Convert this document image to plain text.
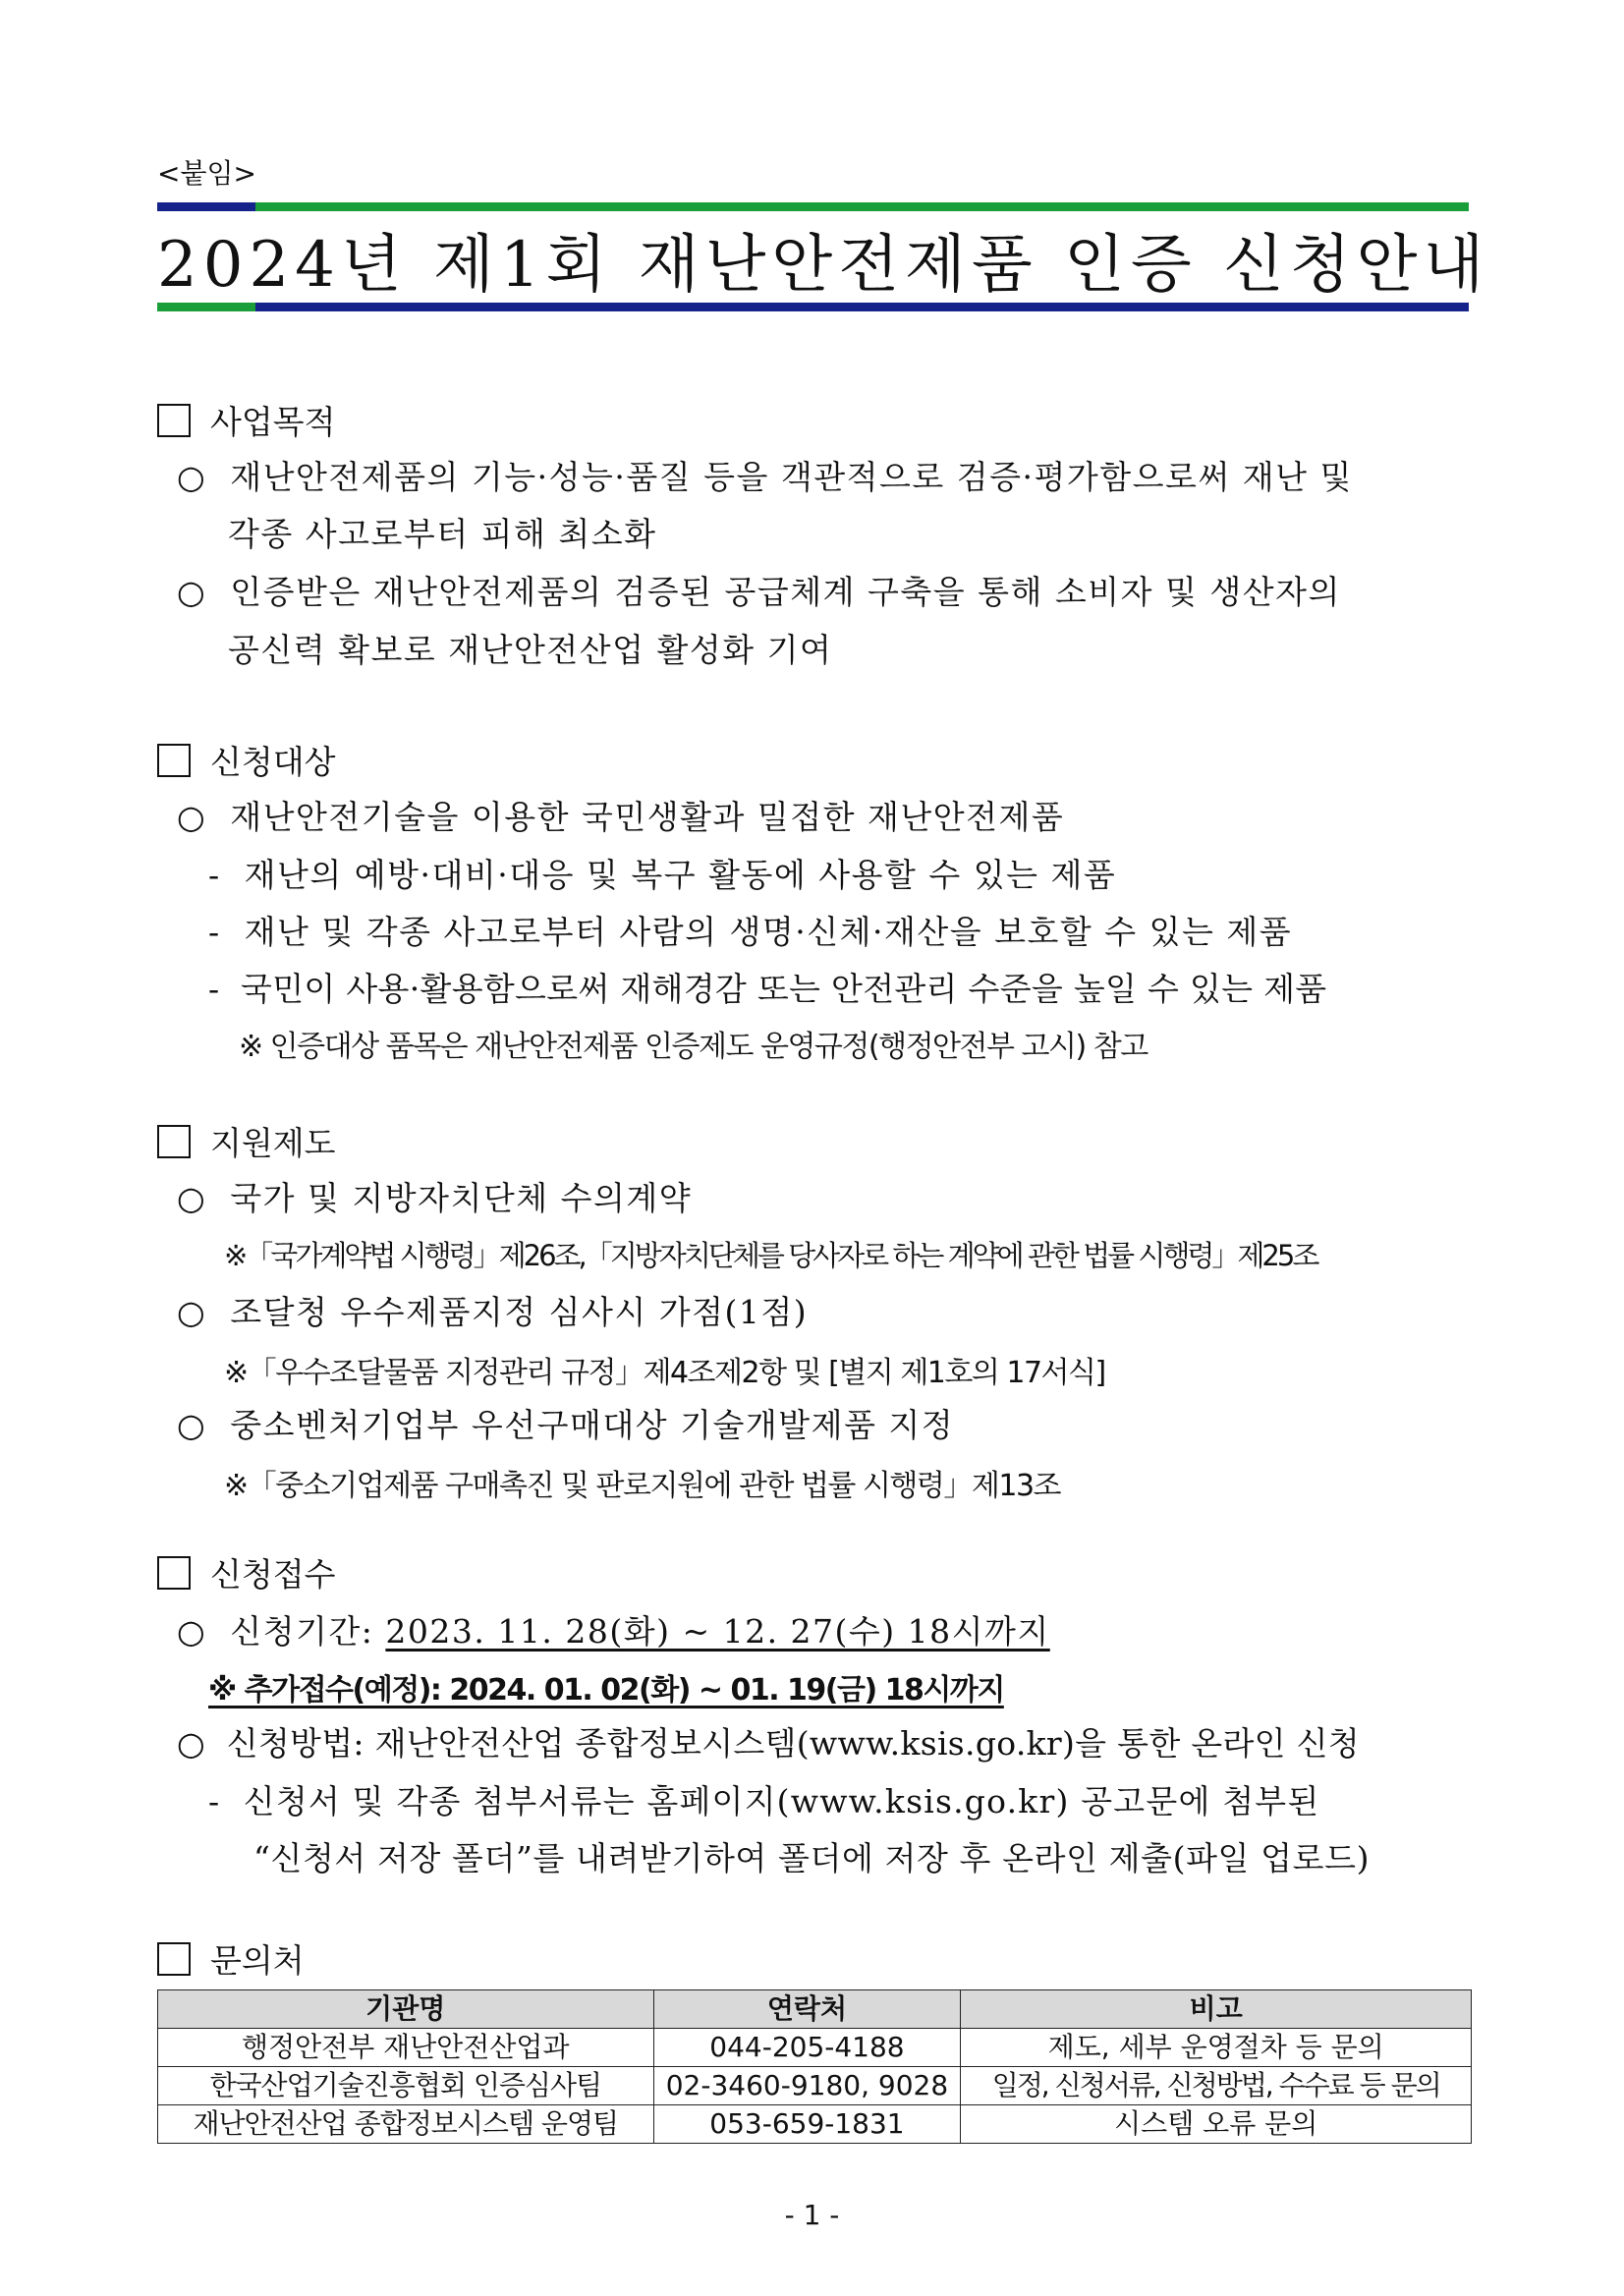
<붙임>
2024년 제1회 재난안전제품 인증 신청안내
사업목적
○ 재난안전제품의 기능·성능·품질 등을 객관적으로 검증·평가함으로써 재난 및
각종 사고로부터 피해 최소화
○ 인증받은 재난안전제품의 검증된 공급체계 구축을 통해 소비자 및 생산자의
공신력 확보로 재난안전산업 활성화 기여
신청대상
○ 재난안전기술을 이용한 국민생활과 밀접한 재난안전제품
- 재난의 예방·대비·대응 및 복구 활동에 사용할 수 있는 제품
- 재난 및 각종 사고로부터 사람의 생명·신체·재산을 보호할 수 있는 제품
- 국민이 사용·활용함으로써 재해경감 또는 안전관리 수준을 높일 수 있는 제품
※ 인증대상 품목은 재난안전제품 인증제도 운영규정(행정안전부 고시) 참고
지원제도
○ 국가 및 지방자치단체 수의계약
※「국가계약법 시행령」제26조,「지방자치단체를 당사자로 하는 계약에 관한 법률 시행령」제25조
○ 조달청 우수제품지정 심사시 가점(1점)
※「우수조달물품 지정관리 규정」제4조제2항 및 [별지 제1호의 17서식]
○ 중소벤처기업부 우선구매대상 기술개발제품 지정
※「중소기업제품 구매촉진 및 판로지원에 관한 법률 시행령」제13조
신청접수
○ 신청기간: 2023. 11. 28(화) ~ 12. 27(수) 18시까지
※ 추가접수(예정): 2024. 01. 02(화) ~ 01. 19(금) 18시까지
○ 신청방법: 재난안전산업 종합정보시스템(www.ksis.go.kr)을 통한 온라인 신청
- 신청서 및 각종 첨부서류는 홈페이지(www.ksis.go.kr) 공고문에 첨부된
“신청서 저장 폴더”를 내려받기하여 폴더에 저장 후 온라인 제출(파일 업로드)
문의처
기관명	연락처	비고
행정안전부 재난안전산업과	044-205-4188	제도, 세부 운영절차 등 문의
한국산업기술진흥협회 인증심사팀	02-3460-9180, 9028	일정, 신청서류, 신청방법, 수수료 등 문의
재난안전산업 종합정보시스템 운영팀	053-659-1831	시스템 오류 문의
- 1 -
